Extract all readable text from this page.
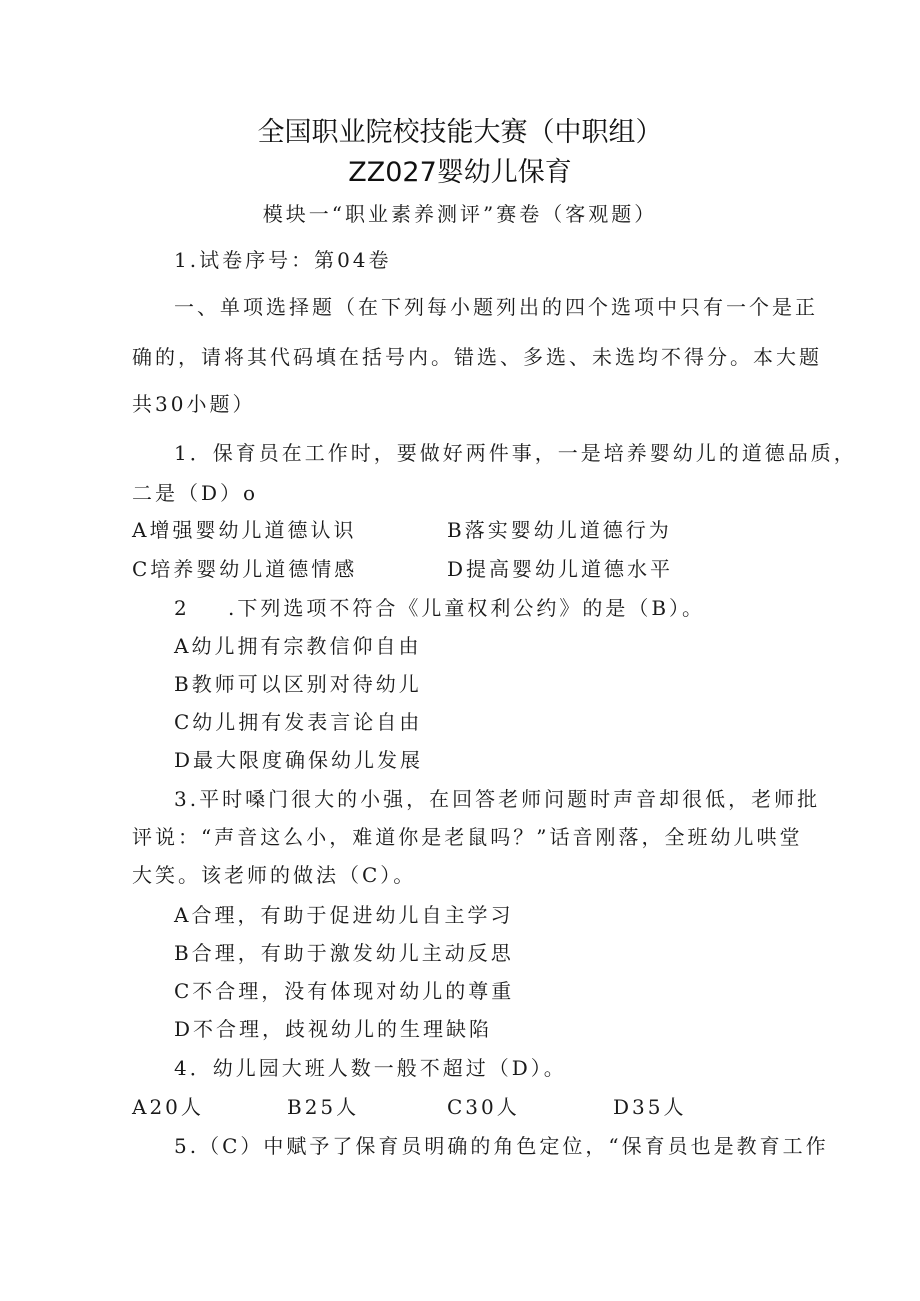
全国职业院校技能大赛（中职组）
ZZ027婴幼儿保育
模块一“职业素养测评”赛卷（客观题）
1.试卷序号：第04卷
一、单项选择题（在下列每小题列出的四个选项中只有一个是正
确的，请将其代码填在括号内。错选、多选、未选均不得分。本大题
共30小题）
1．保育员在工作时，要做好两件事，一是培养婴幼儿的道德品质，
二是（D）o
A增强婴幼儿道德认识	B落实婴幼儿道德行为
C培养婴幼儿道德情感	D提高婴幼儿道德水平
2 .下列选项不符合《儿童权利公约》的是（B）。
A幼儿拥有宗教信仰自由
B教师可以区别对待幼儿
C幼儿拥有发表言论自由
D最大限度确保幼儿发展
3.平时嗓门很大的小强，在回答老师问题时声音却很低，老师批
评说：“声音这么小，难道你是老鼠吗？”话音刚落，全班幼儿哄堂
大笑。该老师的做法（C）。
A合理，有助于促进幼儿自主学习
B合理，有助于激发幼儿主动反思
C不合理，没有体现对幼儿的尊重
D不合理，歧视幼儿的生理缺陷
4．幼儿园大班人数一般不超过（D）。
A20人	B25人	C30人	D35人
5.（C）中赋予了保育员明确的角色定位，“保育员也是教育工作
